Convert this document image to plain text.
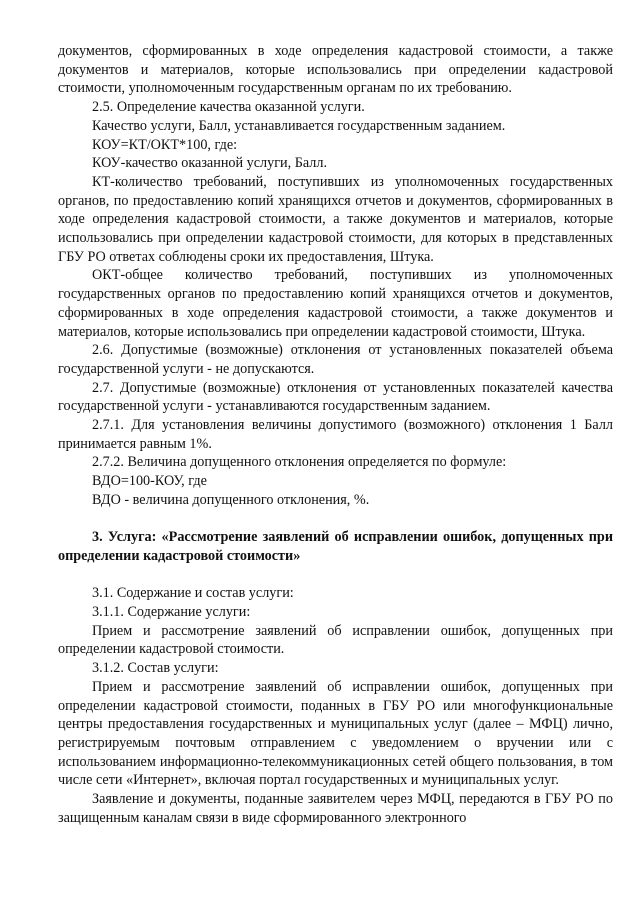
документов, сформированных в ходе определения кадастровой стоимости, а также документов и материалов, которые использовались при определении кадастровой стоимости, уполномоченным государственным органам по их требованию.

2.5. Определение качества оказанной услуги.

Качество услуги, Балл, устанавливается государственным заданием.

КОУ=КТ/ОКТ*100, где:

КОУ-качество оказанной услуги, Балл.

КТ-количество требований, поступивших из уполномоченных государственных органов, по предоставлению копий хранящихся отчетов и документов, сформированных в ходе определения кадастровой стоимости, а также документов и материалов, которые использовались при определении кадастровой стоимости, для которых в представленных ГБУ РО ответах соблюдены сроки их предоставления, Штука.

ОКТ-общее количество требований, поступивших из уполномоченных государственных органов по предоставлению копий хранящихся отчетов и документов, сформированных в ходе определения кадастровой стоимости, а также документов и материалов, которые использовались при определении кадастровой стоимости, Штука.

2.6. Допустимые (возможные) отклонения от установленных показателей объема государственной услуги - не допускаются.

2.7. Допустимые (возможные) отклонения от установленных показателей качества государственной услуги - устанавливаются государственным заданием.

2.7.1. Для установления величины допустимого (возможного) отклонения 1 Балл принимается равным 1%.

2.7.2. Величина допущенного отклонения определяется по формуле:

ВДО=100-КОУ, где

ВДО - величина допущенного отклонения, %.

3. Услуга: «Рассмотрение заявлений об исправлении ошибок, допущенных при определении кадастровой стоимости»

3.1. Содержание и состав услуги:

3.1.1. Содержание услуги:

Прием и рассмотрение заявлений об исправлении ошибок, допущенных при определении кадастровой стоимости.

3.1.2. Состав услуги:

Прием и рассмотрение заявлений об исправлении ошибок, допущенных при определении кадастровой стоимости, поданных в ГБУ РО или многофункциональные центры предоставления государственных и муниципальных услуг (далее – МФЦ) лично, регистрируемым почтовым отправлением с уведомлением о вручении или с использованием информационно-телекоммуникационных сетей общего пользования, в том числе сети «Интернет», включая портал государственных и муниципальных услуг.

Заявление и документы, поданные заявителем через МФЦ, передаются в ГБУ РО по защищенным каналам связи в виде сформированного электронного
